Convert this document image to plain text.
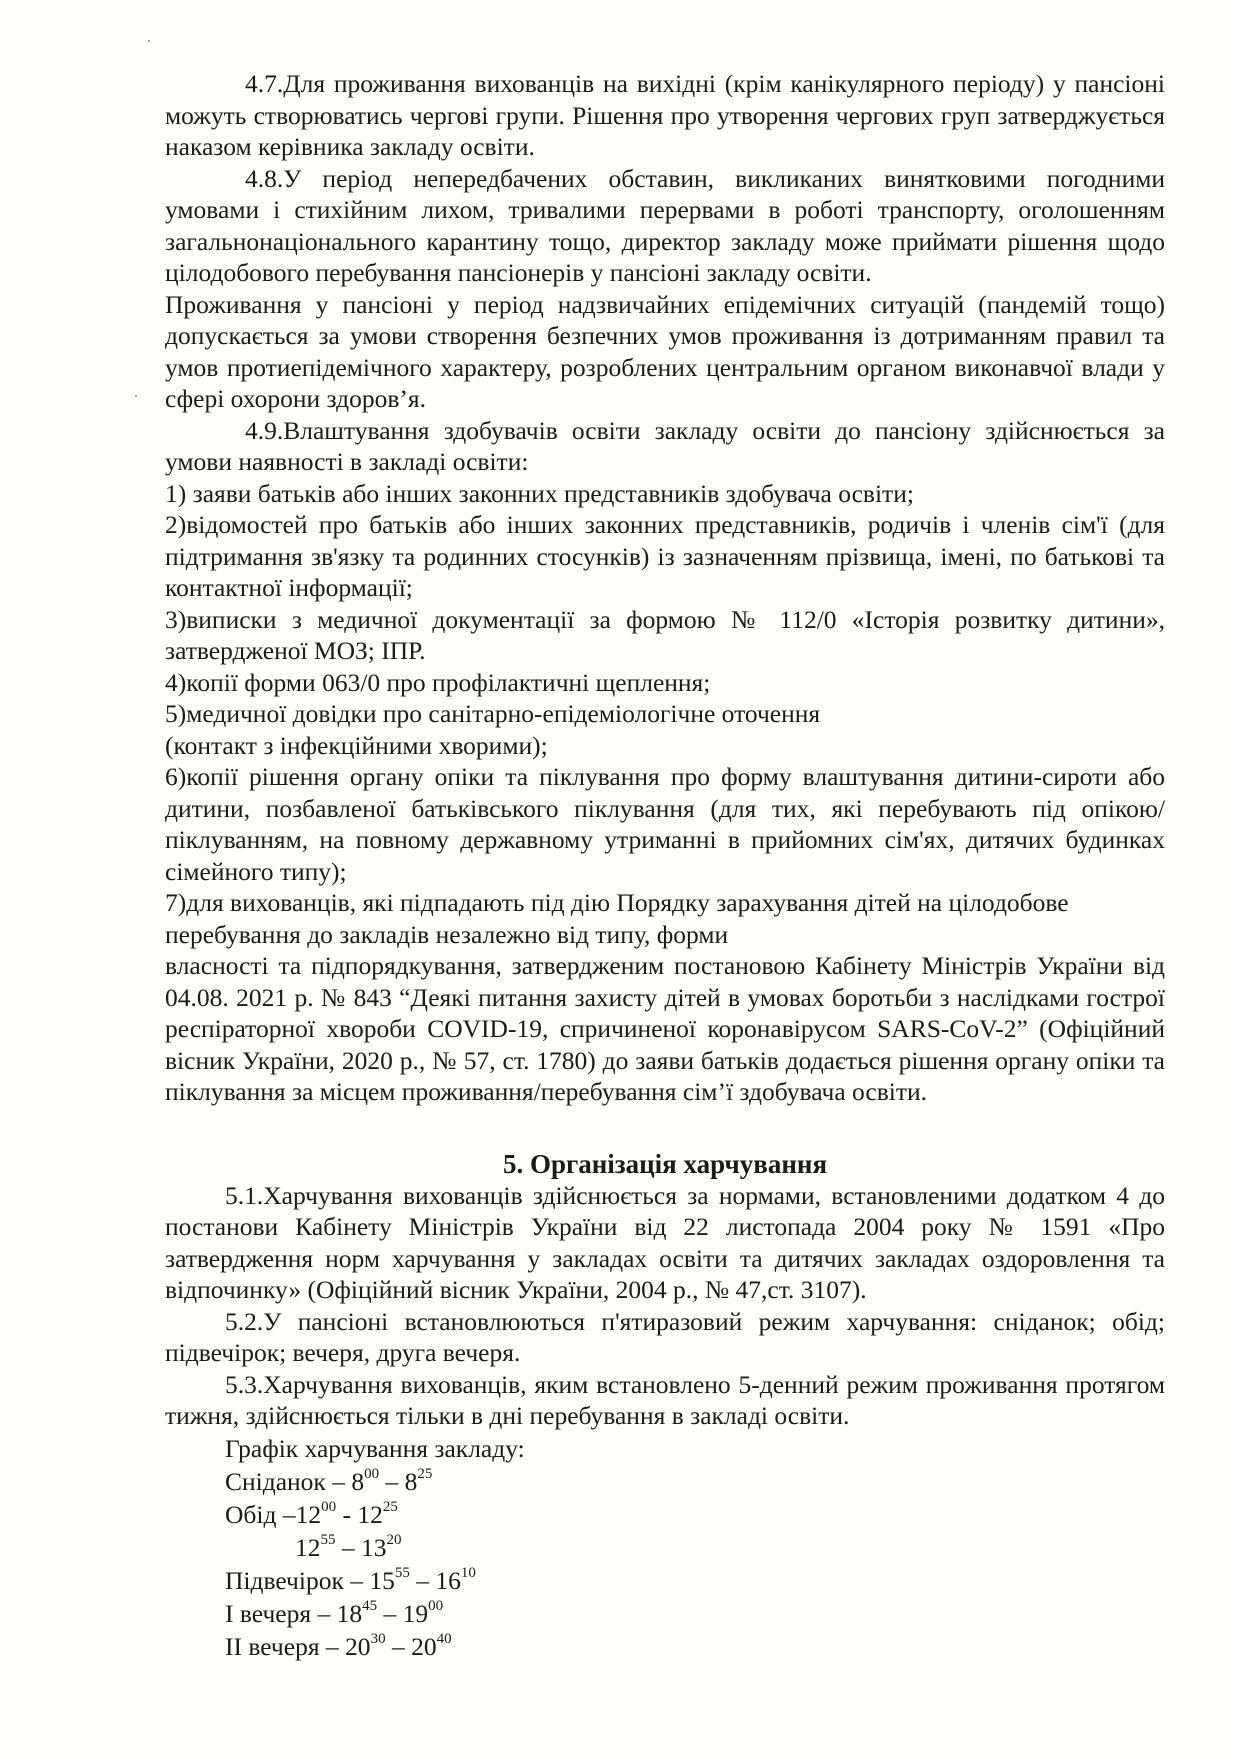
4.7.Для проживання вихованців на вихідні (крім канікулярного періоду) у пансіоні можуть створюватись чергові групи. Рішення про утворення чергових груп затверджується наказом керівника закладу освіти.

4.8.У період непередбачених обставин, викликаних винятковими погодними умовами і стихійним лихом, тривалими перервами в роботі транспорту, оголошенням загальнонаціонального карантину тощо, директор закладу може приймати рішення щодо цілодобового перебування пансіонерів у пансіоні закладу освіти.

Проживання у пансіоні у період надзвичайних епідемічних ситуацій (пандемій тощо) допускається за умови створення безпечних умов проживання із дотриманням правил та умов протиепідемічного характеру, розроблених центральним органом виконавчої влади у сфері охорони здоров’я.

4.9.Влаштування здобувачів освіти закладу освіти до пансіону здійснюється за умови наявності в закладі освіти:

1) заяви батьків або інших законних представників здобувача освіти;

2)відомостей про батьків або інших законних представників, родичів і членів сім'ї (для підтримання зв'язку та родинних стосунків) із зазначенням прізвища, імені, по батькові та контактної інформації;

3)виписки з медичної документації за формою № 112/0 «Історія розвитку дитини», затвердженої МОЗ; ІПР.

4)копії форми 063/0 про профілактичні щеплення;

5)медичної довідки про санітарно-епідеміологічне оточення

(контакт з інфекційними хворими);

6)копії рішення органу опіки та піклування про форму влаштування дитини-сироти або дитини, позбавленої батьківського піклування (для тих, які перебувають під опікою/піклуванням, на повному державному утриманні в прийомних сім'ях, дитячих будинках сімейного типу);

7)для вихованців, які підпадають під дію Порядку зарахування дітей на цілодобове перебування до закладів незалежно від типу, форми

власності та підпорядкування, затвердженим постановою Кабінету Міністрів України від 04.08. 2021 р. № 843 “Деякі питання захисту дітей в умовах боротьби з наслідками гострої респіраторної хвороби COVID-19, спричиненої коронавірусом SARS-CoV-2” (Офіційний вісник України, 2020 р., № 57, ст. 1780) до заяви батьків додається рішення органу опіки та піклування за місцем проживання/перебування сім’ї здобувача освіти.

5. Організація харчування

5.1.Харчування вихованців здійснюється за нормами, встановленими додатком 4 до постанови Кабінету Міністрів України від 22 листопада 2004 року № 1591 «Про затвердження норм харчування у закладах освіти та дитячих закладах оздоровлення та відпочинку» (Офіційний вісник України, 2004 р., № 47,ст. 3107).

5.2.У пансіоні встановлюються п'ятиразовий режим харчування: сніданок; обід; підвечірок; вечеря, друга вечеря.

5.3.Харчування вихованців, яким встановлено 5-денний режим проживання протягом тижня, здійснюється тільки в дні перебування в закладі освіти.

Графік харчування закладу:
Сніданок – $8^{00} - 8^{25}$
Обід $-12^{00} - 12^{25}$
$12^{55} - 13^{20}$
Підвечірок – $15^{55} - 16^{10}$
І вечеря – $18^{45} - 19^{00}$
ІІ вечеря – $20^{30} - 20^{40}$
